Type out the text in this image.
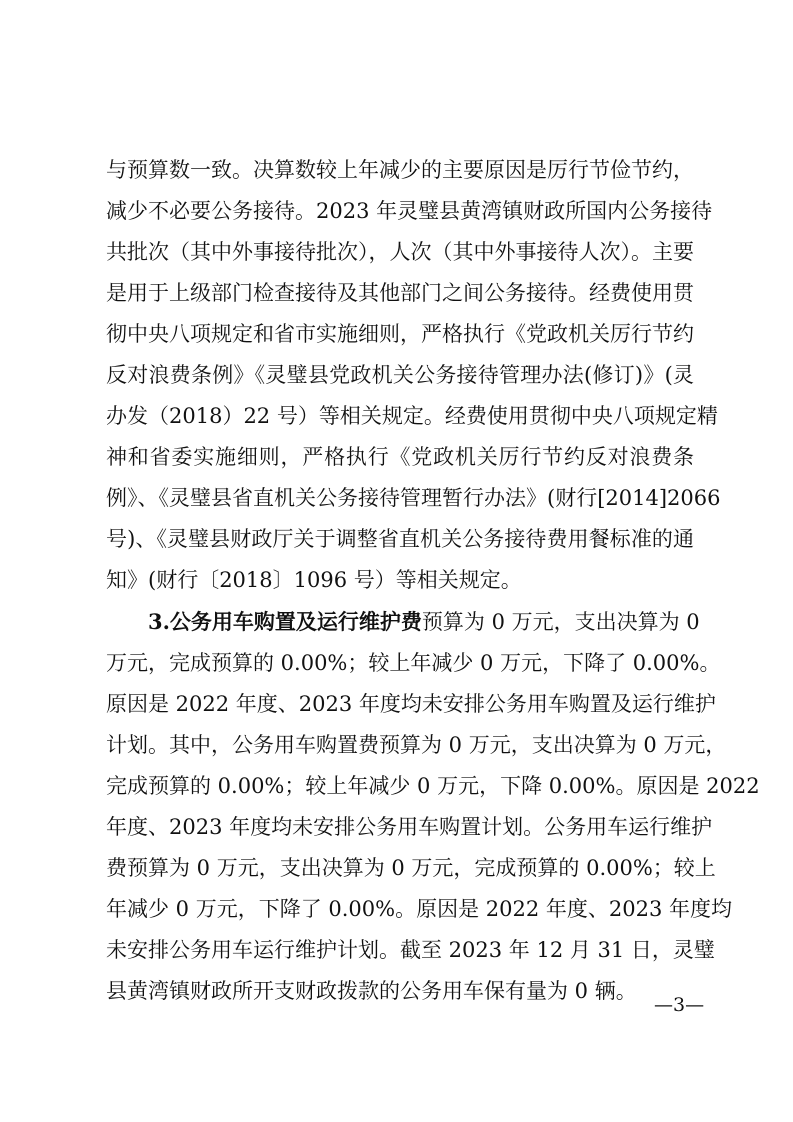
与预算数一致。决算数较上年减少的主要原因是厉行节俭节约，
减少不必要公务接待。2023 年灵璧县黄湾镇财政所国内公务接待
共批次（其中外事接待批次），人次（其中外事接待人次）。主要
是用于上级部门检查接待及其他部门之间公务接待。经费使用贯
彻中央八项规定和省市实施细则，严格执行《党政机关厉行节约
反对浪费条例》《灵璧县党政机关公务接待管理办法(修订)》(灵
办发（2018）22 号）等相关规定。经费使用贯彻中央八项规定精
神和省委实施细则，严格执行《党政机关厉行节约反对浪费条
例》、《灵璧县省直机关公务接待管理暂行办法》(财行[2014]2066
号)、《灵璧县财政厅关于调整省直机关公务接待费用餐标准的通
知》(财行〔2018〕1096 号）等相关规定。
3.公务用车购置及运行维护费预算为 0 万元，支出决算为 0
万元，完成预算的 0.00%；较上年减少 0 万元，下降了 0.00%。
原因是 2022 年度、2023 年度均未安排公务用车购置及运行维护
计划。其中，公务用车购置费预算为 0 万元，支出决算为 0 万元，
完成预算的 0.00%；较上年减少 0 万元，下降 0.00%。原因是 2022
年度、2023 年度均未安排公务用车购置计划。公务用车运行维护
费预算为 0 万元，支出决算为 0 万元，完成预算的 0.00%；较上
年减少 0 万元，下降了 0.00%。原因是 2022 年度、2023 年度均
未安排公务用车运行维护计划。截至 2023 年 12 月 31 日，灵璧
县黄湾镇财政所开支财政拨款的公务用车保有量为 0 辆。
—3—
